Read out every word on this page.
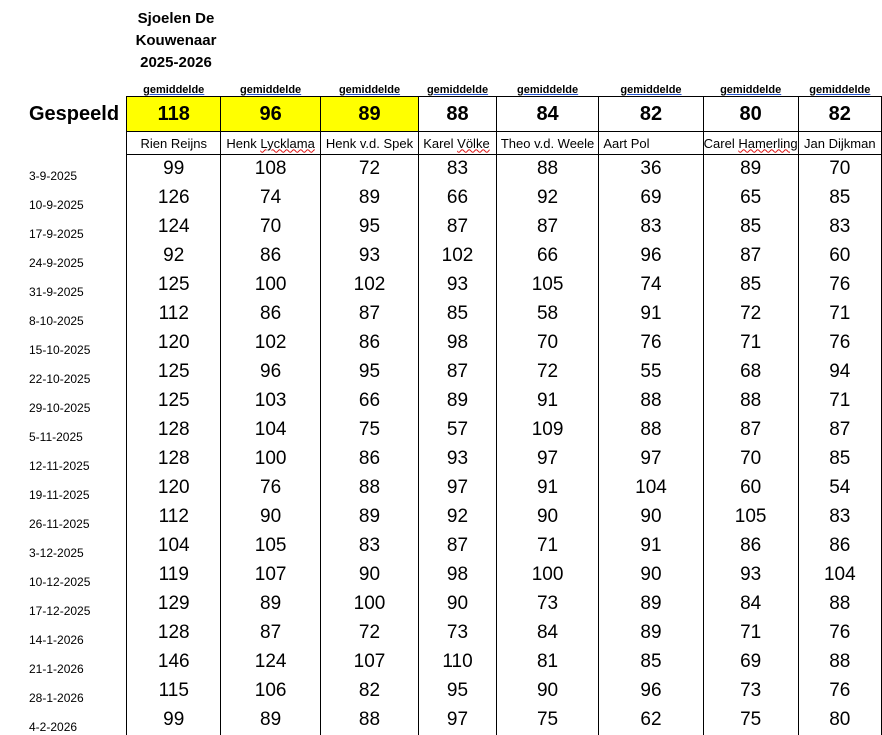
Sjoelen De
Kouwenaar
2025-2026
	gemiddelde	gemiddelde	gemiddelde	gemiddelde	gemiddelde	gemiddelde	gemiddelde	gemiddelde
Gespeeld	118	96	89	88	84	82	80	82
	Rien Reijns	Henk Lycklama	Henk v.d. Spek	Karel Völke	Theo v.d. Weele	Aart Pol	Carel Hamerling	Jan Dijkman
3-9-2025	99	108	72	83	88	36	89	70
10-9-2025	126	74	89	66	92	69	65	85
17-9-2025	124	70	95	87	87	83	85	83
24-9-2025	92	86	93	102	66	96	87	60
31-9-2025	125	100	102	93	105	74	85	76
8-10-2025	112	86	87	85	58	91	72	71
15-10-2025	120	102	86	98	70	76	71	76
22-10-2025	125	96	95	87	72	55	68	94
29-10-2025	125	103	66	89	91	88	88	71
5-11-2025	128	104	75	57	109	88	87	87
12-11-2025	128	100	86	93	97	97	70	85
19-11-2025	120	76	88	97	91	104	60	54
26-11-2025	112	90	89	92	90	90	105	83
3-12-2025	104	105	83	87	71	91	86	86
10-12-2025	119	107	90	98	100	90	93	104
17-12-2025	129	89	100	90	73	89	84	88
14-1-2026	128	87	72	73	84	89	71	76
21-1-2026	146	124	107	110	81	85	69	88
28-1-2026	115	106	82	95	90	96	73	76
4-2-2026	99	89	88	97	75	62	75	80
